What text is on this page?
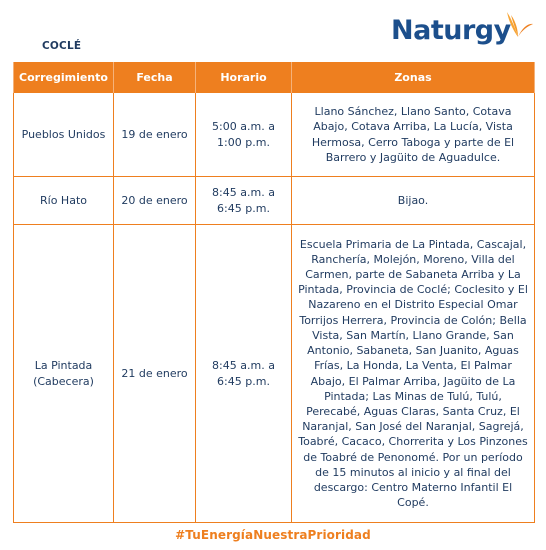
COCLÉ	Naturgy
Corregimiento	Fecha	Horario	Zonas
Pueblos Unidos	19 de enero	5:00 a.m. a 1:00 p.m.	Llano Sánchez, Llano Santo, Cotava Abajo, Cotava Arriba, La Lucía, Vista Hermosa, Cerro Taboga y parte de El Barrero y Jagüito de Aguadulce.
Río Hato	20 de enero	8:45 a.m. a 6:45 p.m.	Bijao.
La Pintada (Cabecera)	21 de enero	8:45 a.m. a 6:45 p.m.	Escuela Primaria de La Pintada, Cascajal, Ranchería, Molejón, Moreno, Villa del Carmen, parte de Sabaneta Arriba y La Pintada, Provincia de Coclé; Coclesito y El Nazareno en el Distrito Especial Omar Torrijos Herrera, Provincia de Colón; Bella Vista, San Martín, Llano Grande, San Antonio, Sabaneta, San Juanito, Aguas Frías, La Honda, La Venta, El Palmar Abajo, El Palmar Arriba, Jagüito de La Pintada; Las Minas de Tulú, Tulú, Perecabé, Aguas Claras, Santa Cruz, El Naranjal, San José del Naranjal, Sagrejá, Toabré, Cacaco, Chorrerita y Los Pinzones de Toabré de Penonomé. Por un período de 15 minutos al inicio y al final del descargo: Centro Materno Infantil El Copé.
#TuEnergíaNuestraPrioridad
